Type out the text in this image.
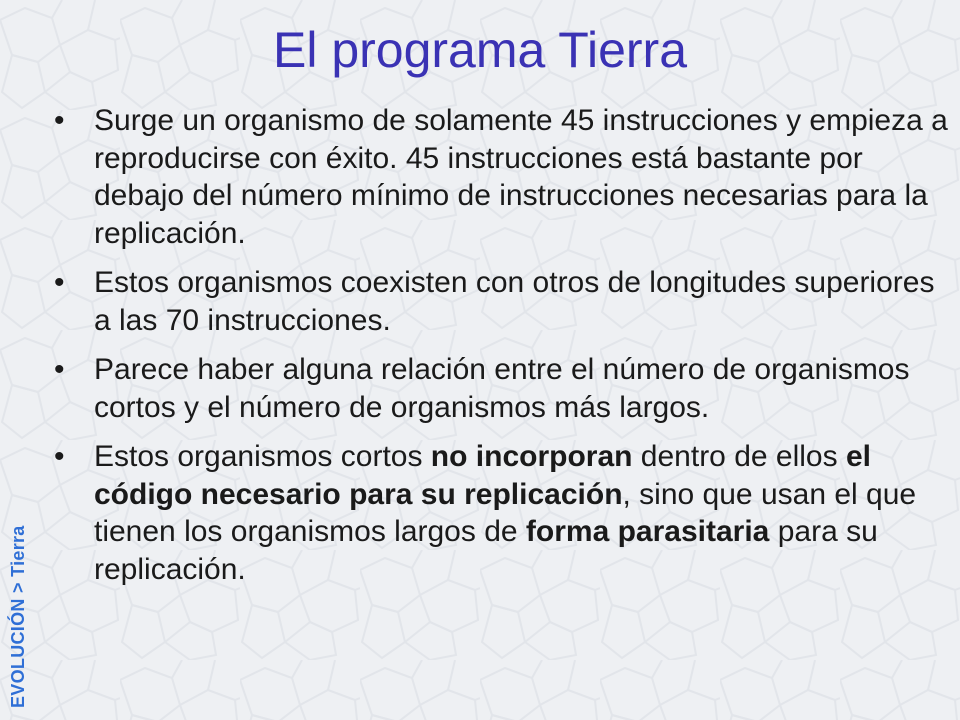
El programa Tierra
EVOLUCIÓN > Tierra
• Surge un organismo de solamente 45 instrucciones y empieza a reproducirse con éxito. 45 instrucciones está bastante por debajo del número mínimo de instrucciones necesarias para la replicación.
• Estos organismos coexisten con otros de longitudes superiores a las 70 instrucciones.
• Parece haber alguna relación entre el número de organismos cortos y el número de organismos más largos.
• Estos organismos cortos no incorporan dentro de ellos el código necesario para su replicación, sino que usan el que tienen los organismos largos de forma parasitaria para su replicación.
